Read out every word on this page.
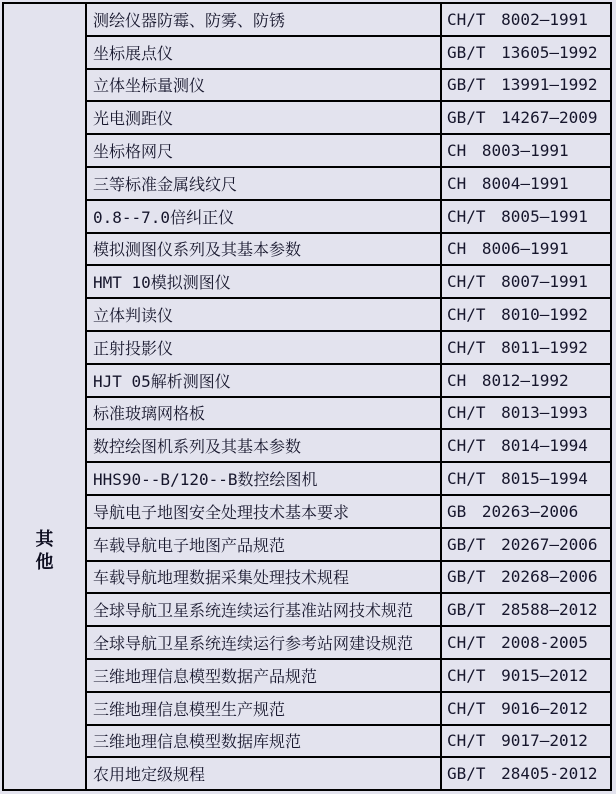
其他
测绘仪器防霉、防雾、防锈	CH/T 8002—1991
坐标展点仪	GB/T 13605—1992
立体坐标量测仪	GB/T 13991—1992
光电测距仪	GB/T 14267—2009
坐标格网尺	CH 8003—1991
三等标准金属线纹尺	CH 8004—1991
0.8--7.0倍纠正仪	CH/T 8005—1991
模拟测图仪系列及其基本参数	CH 8006—1991
HMT 10模拟测图仪	CH/T 8007—1991
立体判读仪	CH/T 8010—1992
正射投影仪	CH/T 8011—1992
HJT 05解析测图仪	CH 8012—1992
标准玻璃网格板	CH/T 8013—1993
数控绘图机系列及其基本参数	CH/T 8014—1994
HHS90--B/120--B数控绘图机	CH/T 8015—1994
导航电子地图安全处理技术基本要求	GB 20263—2006
车载导航电子地图产品规范	GB/T 20267—2006
车载导航地理数据采集处理技术规程	GB/T 20268—2006
全球导航卫星系统连续运行基准站网技术规范	GB/T 28588—2012
全球导航卫星系统连续运行参考站网建设规范	CH/T 2008-2005
三维地理信息模型数据产品规范	CH/T 9015—2012
三维地理信息模型生产规范	CH/T 9016—2012
三维地理信息模型数据库规范	CH/T 9017—2012
农用地定级规程	GB/T 28405-2012
